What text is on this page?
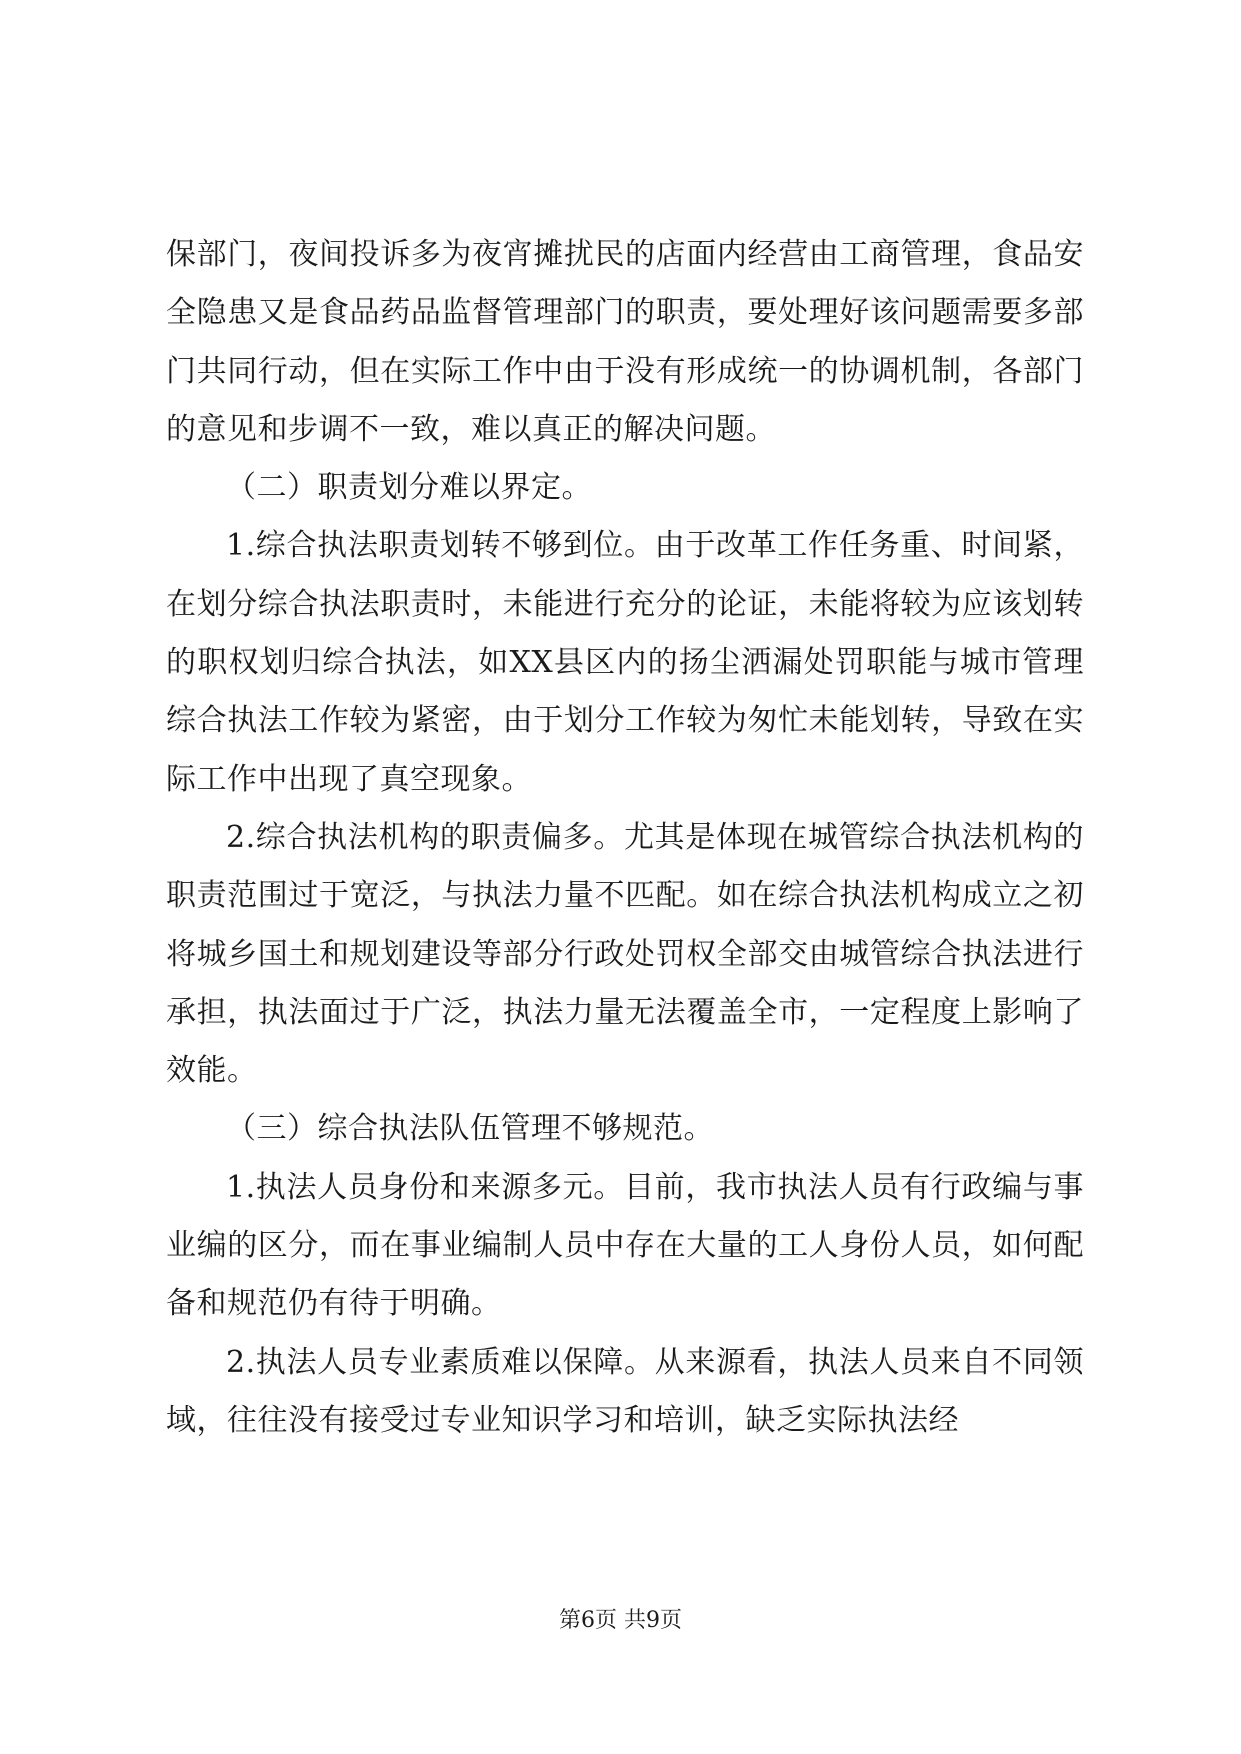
保部门，夜间投诉多为夜宵摊扰民的店面内经营由工商管理，食品安全隐患又是食品药品监督管理部门的职责，要处理好该问题需要多部门共同行动，但在实际工作中由于没有形成统一的协调机制，各部门的意见和步调不一致，难以真正的解决问题。

（二）职责划分难以界定。

1.综合执法职责划转不够到位。由于改革工作任务重、时间紧，在划分综合执法职责时，未能进行充分的论证，未能将较为应该划转的职权划归综合执法，如XX县区内的扬尘洒漏处罚职能与城市管理综合执法工作较为紧密，由于划分工作较为匆忙未能划转，导致在实际工作中出现了真空现象。

2.综合执法机构的职责偏多。尤其是体现在城管综合执法机构的职责范围过于宽泛，与执法力量不匹配。如在综合执法机构成立之初将城乡国土和规划建设等部分行政处罚权全部交由城管综合执法进行承担，执法面过于广泛，执法力量无法覆盖全市，一定程度上影响了效能。

（三）综合执法队伍管理不够规范。

1.执法人员身份和来源多元。目前，我市执法人员有行政编与事业编的区分，而在事业编制人员中存在大量的工人身份人员，如何配备和规范仍有待于明确。

2.执法人员专业素质难以保障。从来源看，执法人员来自不同领域，往往没有接受过专业知识学习和培训，缺乏实际执法经

第6页 共9页
